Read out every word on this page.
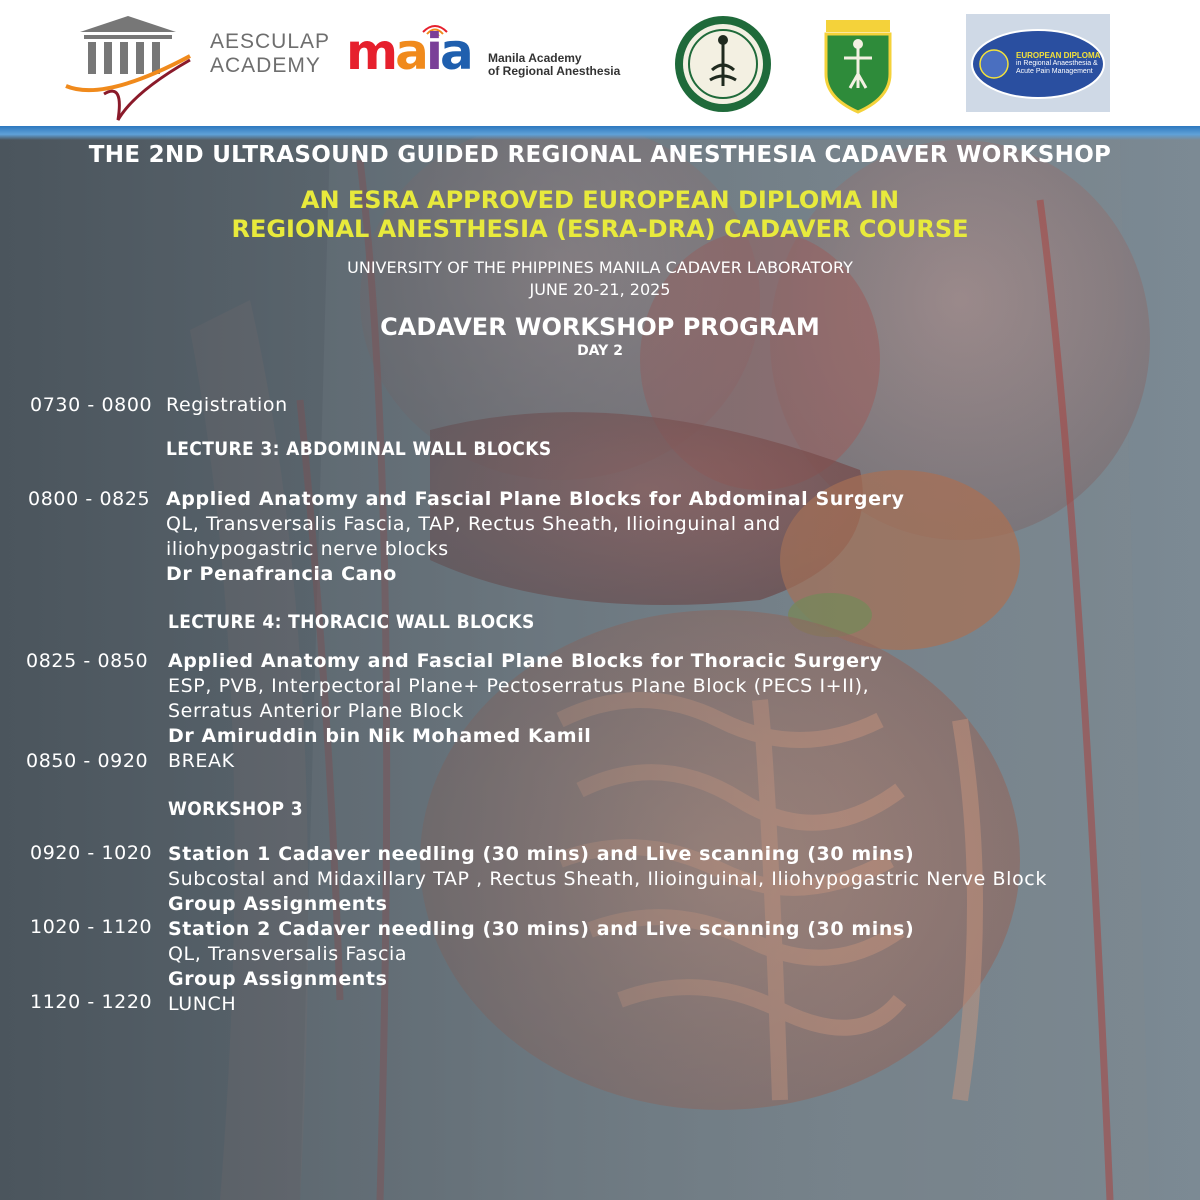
AESCULAP
ACADEMY maia Manila Academy
of Regional Anesthesia
EUROPEAN DIPLOMA
in Regional Anaesthesia &
Acute Pain Management
THE 2ND ULTRASOUND GUIDED REGIONAL ANESTHESIA CADAVER WORKSHOP
AN ESRA APPROVED EUROPEAN DIPLOMA IN
REGIONAL ANESTHESIA (ESRA-DRA) CADAVER COURSE
UNIVERSITY OF THE PHIPPINES MANILA CADAVER LABORATORY
JUNE 20-21, 2025
CADAVER WORKSHOP PROGRAM
DAY 2
0730 - 0800 Registration
LECTURE 3: ABDOMINAL WALL BLOCKS
0800 - 0825 Applied Anatomy and Fascial Plane Blocks for Abdominal Surgery
QL, Transversalis Fascia, TAP, Rectus Sheath, Ilioinguinal and
iliohypogastric nerve blocks
Dr Penafrancia Cano
LECTURE 4: THORACIC WALL BLOCKS
0825 - 0850 Applied Anatomy and Fascial Plane Blocks for Thoracic Surgery
ESP, PVB, Interpectoral Plane+ Pectoserratus Plane Block (PECS I+II),
Serratus Anterior Plane Block
Dr Amiruddin bin Nik Mohamed Kamil
0850 - 0920 BREAK
WORKSHOP 3
0920 - 1020 Station 1 Cadaver needling (30 mins) and Live scanning (30 mins)
Subcostal and Midaxillary TAP , Rectus Sheath, Ilioinguinal, Iliohypogastric Nerve Block
Group Assignments
1020 - 1120 Station 2 Cadaver needling (30 mins) and Live scanning (30 mins)
QL, Transversalis Fascia
Group Assignments
1120 - 1220 LUNCH
